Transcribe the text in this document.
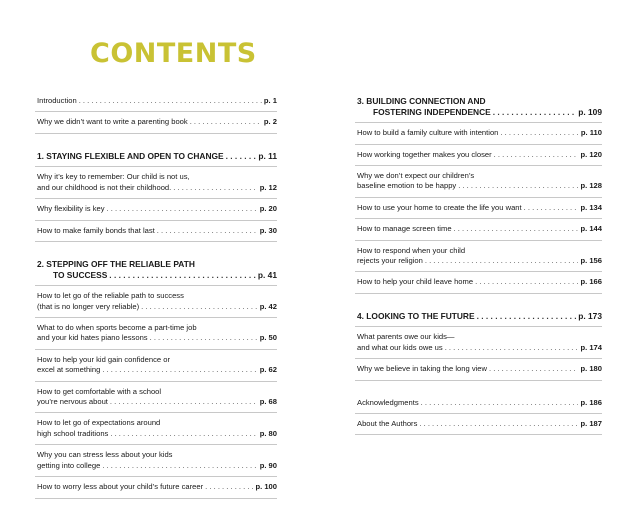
CONTENTS
Introduction . . .	p. 1
Why we didn’t want to write a parenting book . . .	p. 2
1. STAYING FLEXIBLE AND OPEN TO CHANGE . . .	p. 11
Why it’s key to remember: Our child is not us,
and our childhood is not their childhood. . . .	p. 12
Why flexibility is key . . .	p. 20
How to make family bonds that last . . .	p. 30
2. STEPPING OFF THE RELIABLE PATH
TO SUCCESS . . .	p. 41
How to let go of the reliable path to success
(that is no longer very reliable) . . .	p. 42
What to do when sports become a part-time job
and your kid hates piano lessons . . .	p. 50
How to help your kid gain confidence or
excel at something . . .	p. 62
How to get comfortable with a school
you’re nervous about . . .	p. 68
How to let go of expectations around
high school traditions . . .	p. 80
Why you can stress less about your kids
getting into college . . .	p. 90
How to worry less about your child’s future career . . .	p. 100
3. BUILDING CONNECTION AND
FOSTERING INDEPENDENCE . . .	p. 109
How to build a family culture with intention . . .	p. 110
How working together makes you closer . . .	p. 120
Why we don’t expect our children’s
baseline emotion to be happy . . .	p. 128
How to use your home to create the life you want . . .	p. 134
How to manage screen time . . .	p. 144
How to respond when your child
rejects your religion . . .	p. 156
How to help your child leave home . . .	p. 166
4. LOOKING TO THE FUTURE . . .	p. 173
What parents owe our kids—
and what our kids owe us . . .	p. 174
Why we believe in taking the long view . . .	p. 180
Acknowledgments . . .	p. 186
About the Authors . . .	p. 187
